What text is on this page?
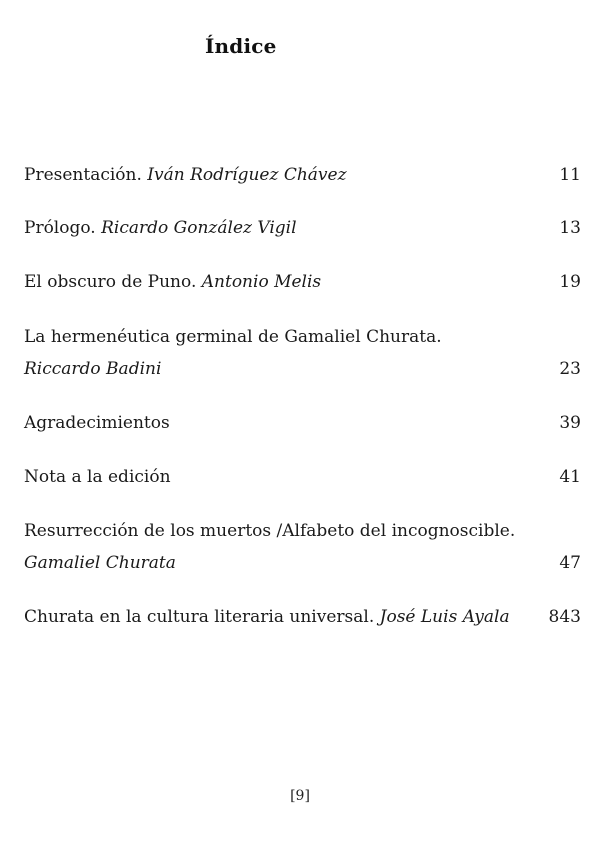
Índice
Presentación. Iván Rodríguez Chávez	11
Prólogo. Ricardo González Vigil	13
El obscuro de Puno. Antonio Melis	19
La hermenéutica germinal de Gamaliel Churata.
Riccardo Badini	23
Agradecimientos	39
Nota a la edición	41
Resurrección de los muertos /Alfabeto del incognoscible.
Gamaliel Churata	47
Churata en la cultura literaria universal. José Luis Ayala 843
[9]
